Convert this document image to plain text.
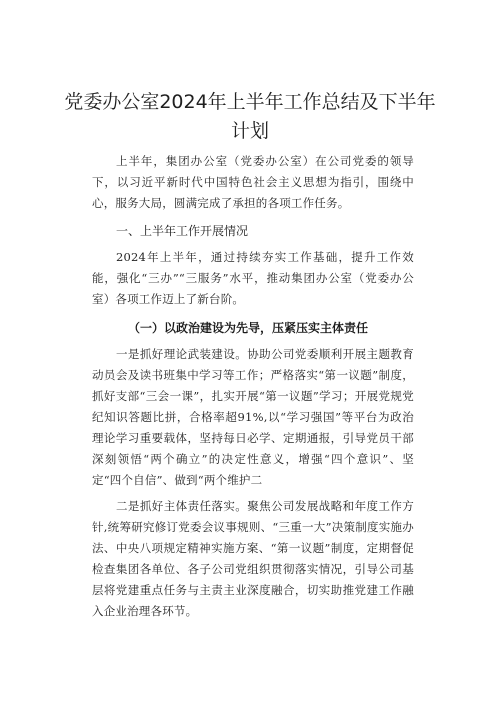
党委办公室2024年上半年工作总结及下半年计划
上半年，集团办公室（党委办公室）在公司党委的领导下，以习近平新时代中国特色社会主义思想为指引，围绕中心，服务大局，圆满完成了承担的各项工作任务。
一、上半年工作开展情况
2024年上半年，通过持续夯实工作基础，提升工作效能，强化“三办”“三服务”水平，推动集团办公室（党委办公室）各项工作迈上了新台阶。
（一）以政治建设为先导，压紧压实主体责任
一是抓好理论武装建设。协助公司党委顺利开展主题教育动员会及读书班集中学习等工作；严格落实“第一议题”制度，抓好支部“三会一课”，扎实开展“第一议题”学习；开展党规党纪知识答题比拼，合格率超91%,以“学习强国”等平台为政治理论学习重要载体，坚持每日必学、定期通报，引导党员干部深刻领悟“两个确立”的决定性意义，增强“四个意识”、坚定“四个自信”、做到“两个维护二
二是抓好主体责任落实。聚焦公司发展战略和年度工作方针,统筹研究修订党委会议事规则、“三重一大”决策制度实施办法、中央八项规定精神实施方案、“第一议题”制度，定期督促检查集团各单位、各子公司党组织贯彻落实情况，引导公司基层将党建重点任务与主责主业深度融合，切实助推党建工作融入企业治理各环节。
